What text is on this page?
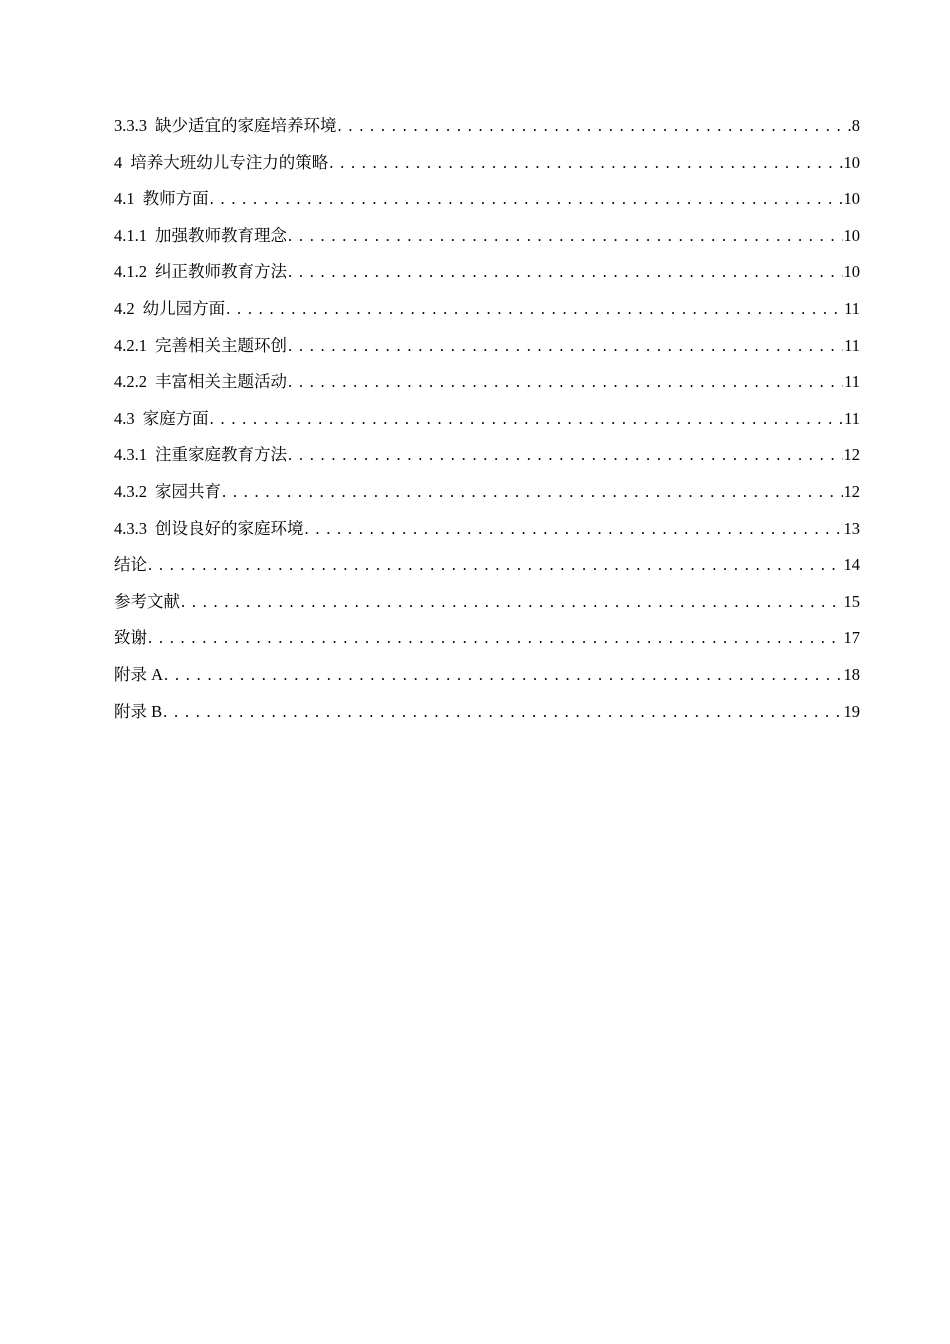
3.3.3 缺少适宜的家庭培养环境 . . .	8
4 培养大班幼儿专注力的策略 . . .	10
4.1 教师方面 . . .	10
4.1.1 加强教师教育理念 . . .	10
4.1.2 纠正教师教育方法 . . .	10
4.2 幼儿园方面 . . .	11
4.2.1 完善相关主题环创 . . .	11
4.2.2 丰富相关主题活动 . . .	11
4.3 家庭方面 . . .	11
4.3.1 注重家庭教育方法 . . .	12
4.3.2 家园共育 . . .	12
4.3.3 创设良好的家庭环境 . . .	13
结论 . . .	14
参考文献 . . .	15
致谢 . . .	17
附录 A . . .	18
附录 B . . .	19
